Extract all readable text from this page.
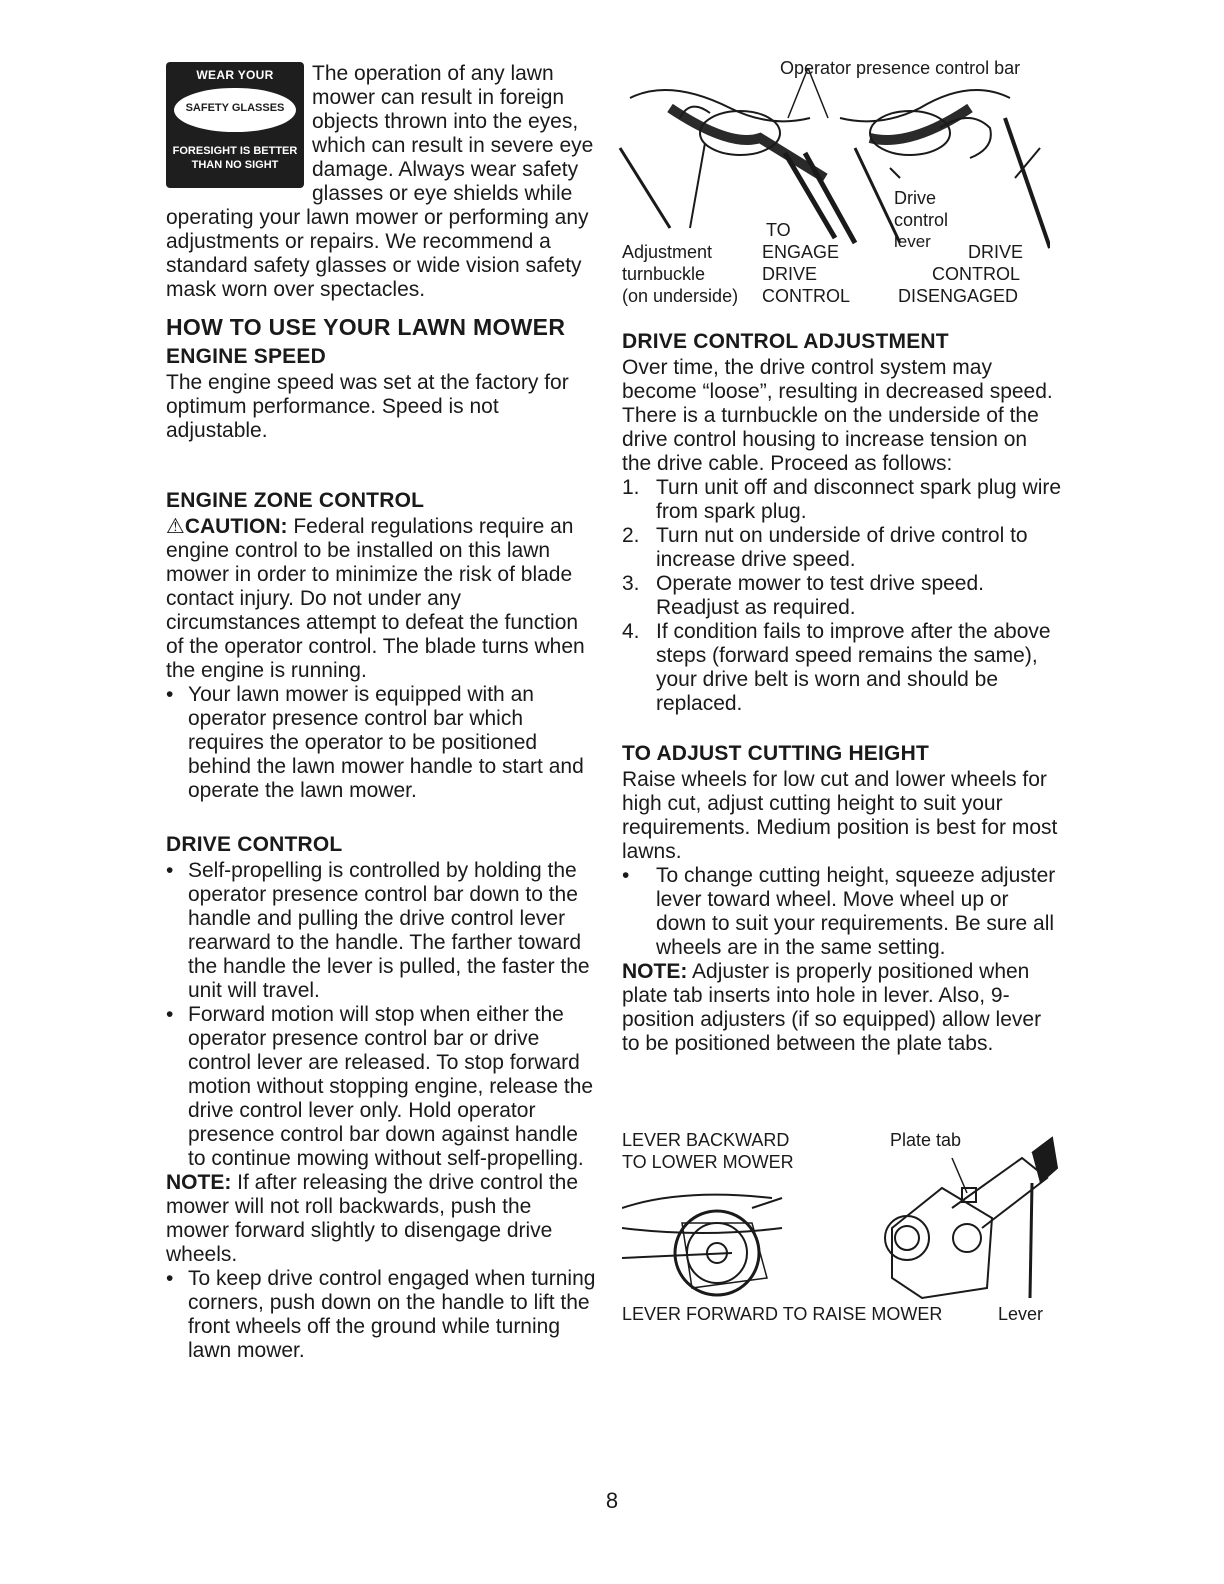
WEAR YOUR
SAFETY GLASSES
FORESIGHT IS BETTER
THAN NO SIGHT

The operation of any lawn mower can result in foreign objects thrown into the eyes, which can result in severe eye damage. Always wear safety glasses or eye shields while operating your lawn mower or performing any adjustments or repairs. We recommend a standard safety glasses or wide vision safety mask worn over spectacles.

HOW TO USE YOUR LAWN MOWER
ENGINE SPEED

The engine speed was set at the factory for optimum performance. Speed is not adjustable.

ENGINE ZONE CONTROL

⚠CAUTION: Federal regulations require an engine control to be installed on this lawn mower in order to minimize the risk of blade contact injury. Do not under any circumstances attempt to defeat the function of the operator control. The blade turns when the engine is running.

• Your lawn mower is equipped with an operator presence control bar which requires the operator to be positioned behind the lawn mower handle to start and operate the lawn mower.
DRIVE CONTROL
• Self-propelling is controlled by holding the operator presence control bar down to the handle and pulling the drive control lever rearward to the handle. The farther toward the handle the lever is pulled, the faster the unit will travel.
• Forward motion will stop when either the operator presence control bar or drive control lever are released. To stop forward motion without stopping engine, release the drive control lever only. Hold operator presence control bar down against handle to continue mowing without self-propelling.

NOTE: If after releasing the drive control the mower will not roll backwards, push the mower forward slightly to disengage drive wheels.

• To keep drive control engaged when turning corners, push down on the handle to lift the front wheels off the ground while turning lawn mower.
Operator presence control bar
Drive
control
lever
TO
Adjustment
turnbuckle
(on underside)
ENGAGE
DRIVE
CONTROL
DRIVE
CONTROL
DISENGAGED
DRIVE CONTROL ADJUSTMENT

Over time, the drive control system may become “loose”, resulting in decreased speed. There is a turnbuckle on the underside of the drive control housing to increase tension on the drive cable. Proceed as follows:

1. Turn unit off and disconnect spark plug wire from spark plug.
2. Turn nut on underside of drive control to increase drive speed.
3. Operate mower to test drive speed. Readjust as required.
4. If condition fails to improve after the above steps (forward speed remains the same), your drive belt is worn and should be replaced.
TO ADJUST CUTTING HEIGHT

Raise wheels for low cut and lower wheels for high cut, adjust cutting height to suit your requirements. Medium position is best for most lawns.

• To change cutting height, squeeze adjuster lever toward wheel. Move wheel up or down to suit your requirements. Be sure all wheels are in the same setting.

NOTE: Adjuster is properly positioned when plate tab inserts into hole in lever. Also, 9-position adjusters (if so equipped) allow lever to be positioned between the plate tabs.

LEVER BACKWARD
TO LOWER MOWER
Plate tab
LEVER FORWARD TO RAISE MOWER	Lever
8
